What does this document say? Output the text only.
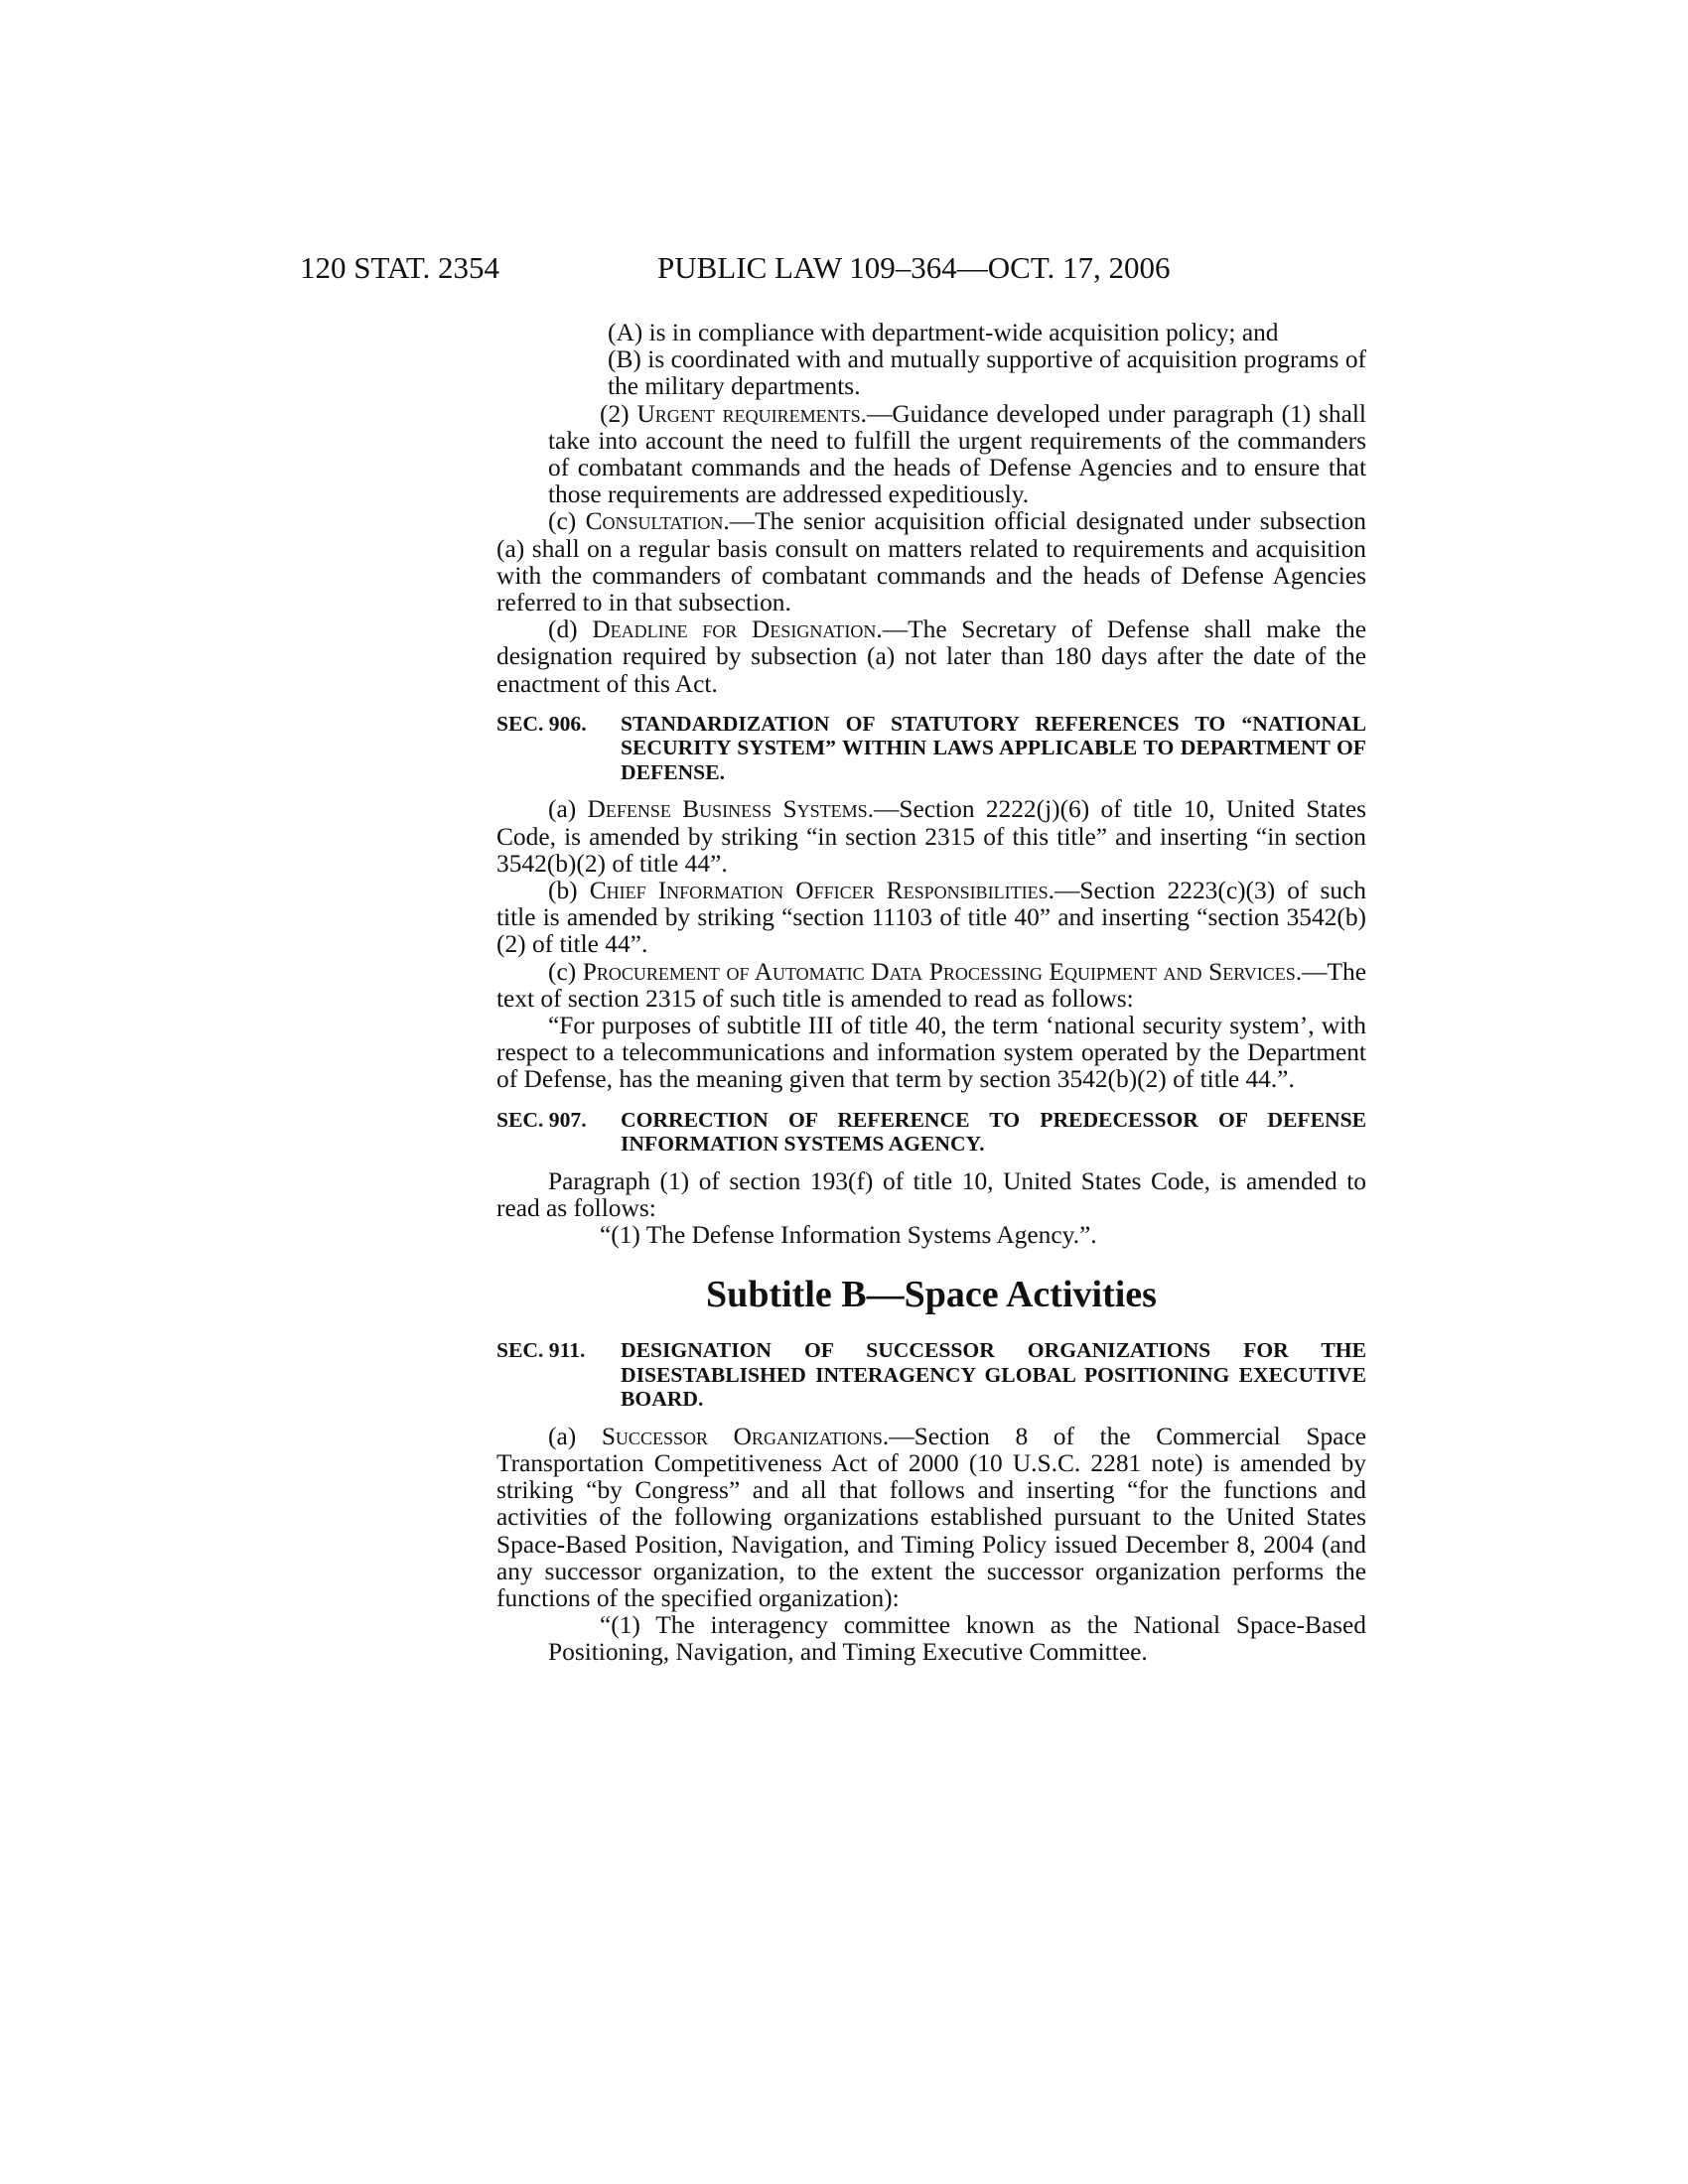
120 STAT. 2354	PUBLIC LAW 109–364—OCT. 17, 2006

(A) is in compliance with department-wide acquisition policy; and

(B) is coordinated with and mutually supportive of acquisition programs of the military departments.

(2) Urgent requirements.—Guidance developed under paragraph (1) shall take into account the need to fulfill the urgent requirements of the commanders of combatant commands and the heads of Defense Agencies and to ensure that those requirements are addressed expeditiously.

(c) Consultation.—The senior acquisition official designated under subsection (a) shall on a regular basis consult on matters related to requirements and acquisition with the commanders of combatant commands and the heads of Defense Agencies referred to in that subsection.

(d) Deadline for Designation.—The Secretary of Defense shall make the designation required by subsection (a) not later than 180 days after the date of the enactment of this Act.

SEC. 906. STANDARDIZATION OF STATUTORY REFERENCES TO “NATIONAL SECURITY SYSTEM” WITHIN LAWS APPLICABLE TO DEPARTMENT OF DEFENSE.

(a) Defense Business Systems.—Section 2222(j)(6) of title 10, United States Code, is amended by striking “in section 2315 of this title” and inserting “in section 3542(b)(2) of title 44”.

(b) Chief Information Officer Responsibilities.—Section 2223(c)(3) of such title is amended by striking “section 11103 of title 40” and inserting “section 3542(b)(2) of title 44”.

(c) Procurement of Automatic Data Processing Equipment and Services.—The text of section 2315 of such title is amended to read as follows:

“For purposes of subtitle III of title 40, the term ‘national security system’, with respect to a telecommunications and information system operated by the Department of Defense, has the meaning given that term by section 3542(b)(2) of title 44.”.

SEC. 907. CORRECTION OF REFERENCE TO PREDECESSOR OF DEFENSE INFORMATION SYSTEMS AGENCY.

Paragraph (1) of section 193(f) of title 10, United States Code, is amended to read as follows:

“(1) The Defense Information Systems Agency.”.

Subtitle B—Space Activities
SEC. 911. DESIGNATION OF SUCCESSOR ORGANIZATIONS FOR THE DISESTABLISHED INTERAGENCY GLOBAL POSITIONING EXECUTIVE BOARD.

(a) Successor Organizations.—Section 8 of the Commercial Space Transportation Competitiveness Act of 2000 (10 U.S.C. 2281 note) is amended by striking “by Congress” and all that follows and inserting “for the functions and activities of the following organizations established pursuant to the United States Space-Based Position, Navigation, and Timing Policy issued December 8, 2004 (and any successor organization, to the extent the successor organization performs the functions of the specified organization):

“(1) The interagency committee known as the National Space-Based Positioning, Navigation, and Timing Executive Committee.
